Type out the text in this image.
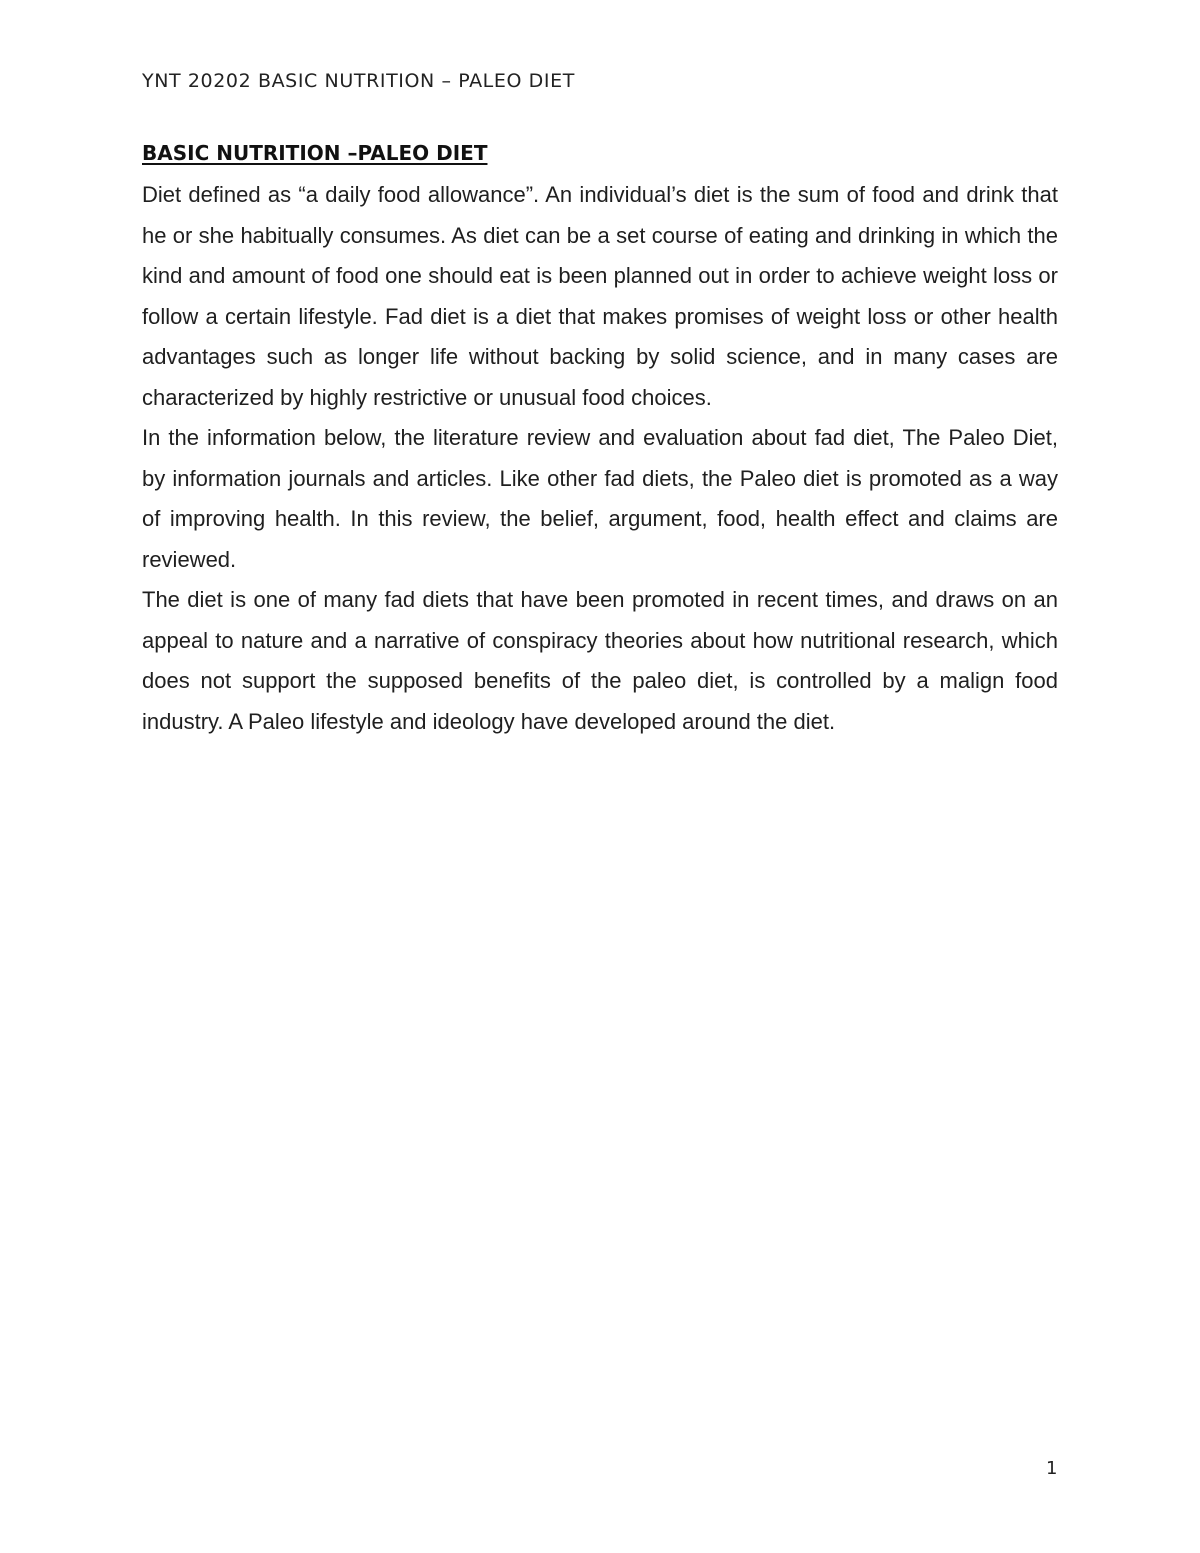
YNT 20202 BASIC NUTRITION – PALEO DIET
BASIC NUTRITION –PALEO DIET

Diet defined as “a daily food allowance”. An individual’s diet is the sum of food and drink that he or she habitually consumes. As diet can be a set course of eating and drinking in which the kind and amount of food one should eat is been planned out in order to achieve weight loss or follow a certain lifestyle. Fad diet is a diet that makes promises of weight loss or other health advantages such as longer life without backing by solid science, and in many cases are characterized by highly restrictive or unusual food choices.

In the information below, the literature review and evaluation about fad diet, The Paleo Diet, by information journals and articles. Like other fad diets, the Paleo diet is promoted as a way of improving health. In this review, the belief, argument, food, health effect and claims are reviewed.

The diet is one of many fad diets that have been promoted in recent times, and draws on an appeal to nature and a narrative of conspiracy theories about how nutritional research, which does not support the supposed benefits of the paleo diet, is controlled by a malign food industry. A Paleo lifestyle and ideology have developed around the diet.

1
